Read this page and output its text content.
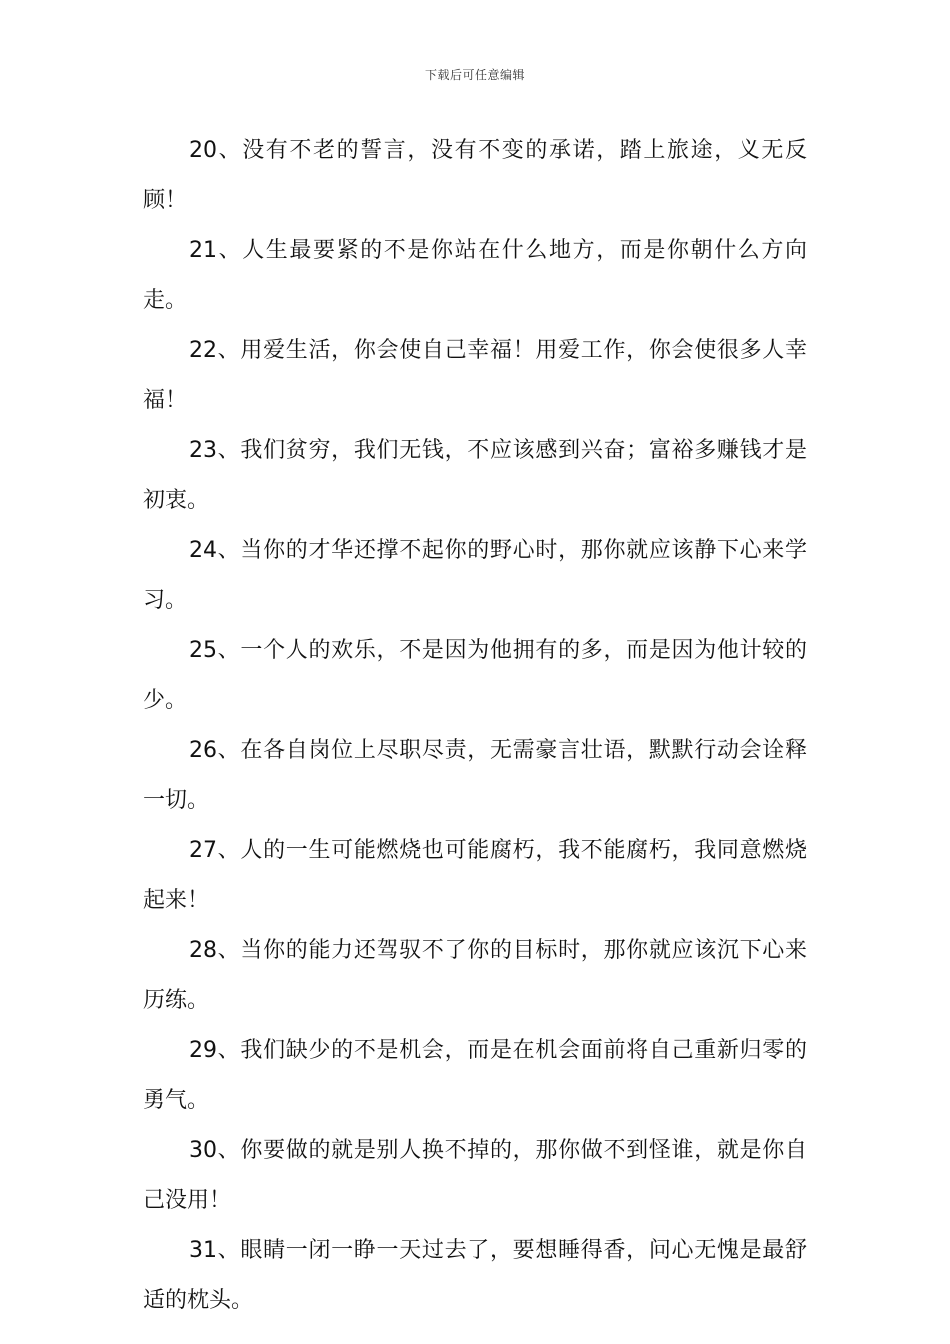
下载后可任意编辑

20、没有不老的誓言，没有不变的承诺，踏上旅途，义无反顾！

21、人生最要紧的不是你站在什么地方，而是你朝什么方向走。

22、用爱生活，你会使自己幸福！用爱工作，你会使很多人幸福！

23、我们贫穷，我们无钱，不应该感到兴奋；富裕多赚钱才是初衷。

24、当你的才华还撑不起你的野心时，那你就应该静下心来学习。

25、一个人的欢乐，不是因为他拥有的多，而是因为他计较的少。

26、在各自岗位上尽职尽责，无需豪言壮语，默默行动会诠释一切。

27、人的一生可能燃烧也可能腐朽，我不能腐朽，我同意燃烧起来！

28、当你的能力还驾驭不了你的目标时，那你就应该沉下心来历练。

29、我们缺少的不是机会，而是在机会面前将自己重新归零的勇气。

30、你要做的就是别人换不掉的，那你做不到怪谁，就是你自己没用！

31、眼睛一闭一睁一天过去了，要想睡得香，问心无愧是最舒适的枕头。
